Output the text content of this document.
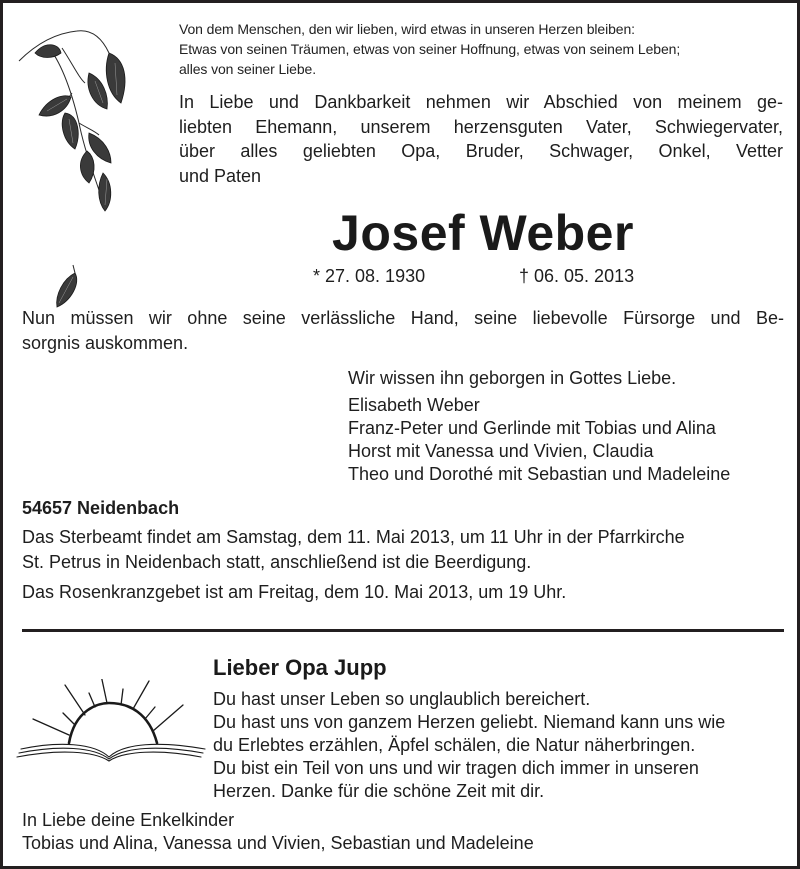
Von dem Menschen, den wir lieben, wird etwas in unseren Herzen bleiben:
Etwas von seinen Träumen, etwas von seiner Hoffnung, etwas von seinem Leben;
alles von seiner Liebe.
In Liebe und Dankbarkeit nehmen wir Abschied von meinem ge-
liebten Ehemann, unserem herzensguten Vater, Schwiegervater,
über alles geliebten Opa, Bruder, Schwager, Onkel, Vetter
und Paten
Josef Weber
* 27. 08. 1930	† 06. 05. 2013
Nun müssen wir ohne seine verlässliche Hand, seine liebevolle Fürsorge und Be-
sorgnis auskommen.
Wir wissen ihn geborgen in Gottes Liebe.
Elisabeth Weber
Franz-Peter und Gerlinde mit Tobias und Alina
Horst mit Vanessa und Vivien, Claudia
Theo und Dorothé mit Sebastian und Madeleine
54657 Neidenbach
Das Sterbeamt findet am Samstag, dem 11. Mai 2013, um 11 Uhr in der Pfarrkirche
St. Petrus in Neidenbach statt, anschließend ist die Beerdigung.
Das Rosenkranzgebet ist am Freitag, dem 10. Mai 2013, um 19 Uhr.
Lieber Opa Jupp
Du hast unser Leben so unglaublich bereichert.
Du hast uns von ganzem Herzen geliebt. Niemand kann uns wie
du Erlebtes erzählen, Äpfel schälen, die Natur näherbringen.
Du bist ein Teil von uns und wir tragen dich immer in unseren
Herzen. Danke für die schöne Zeit mit dir.
In Liebe deine Enkelkinder
Tobias und Alina, Vanessa und Vivien, Sebastian und Madeleine
